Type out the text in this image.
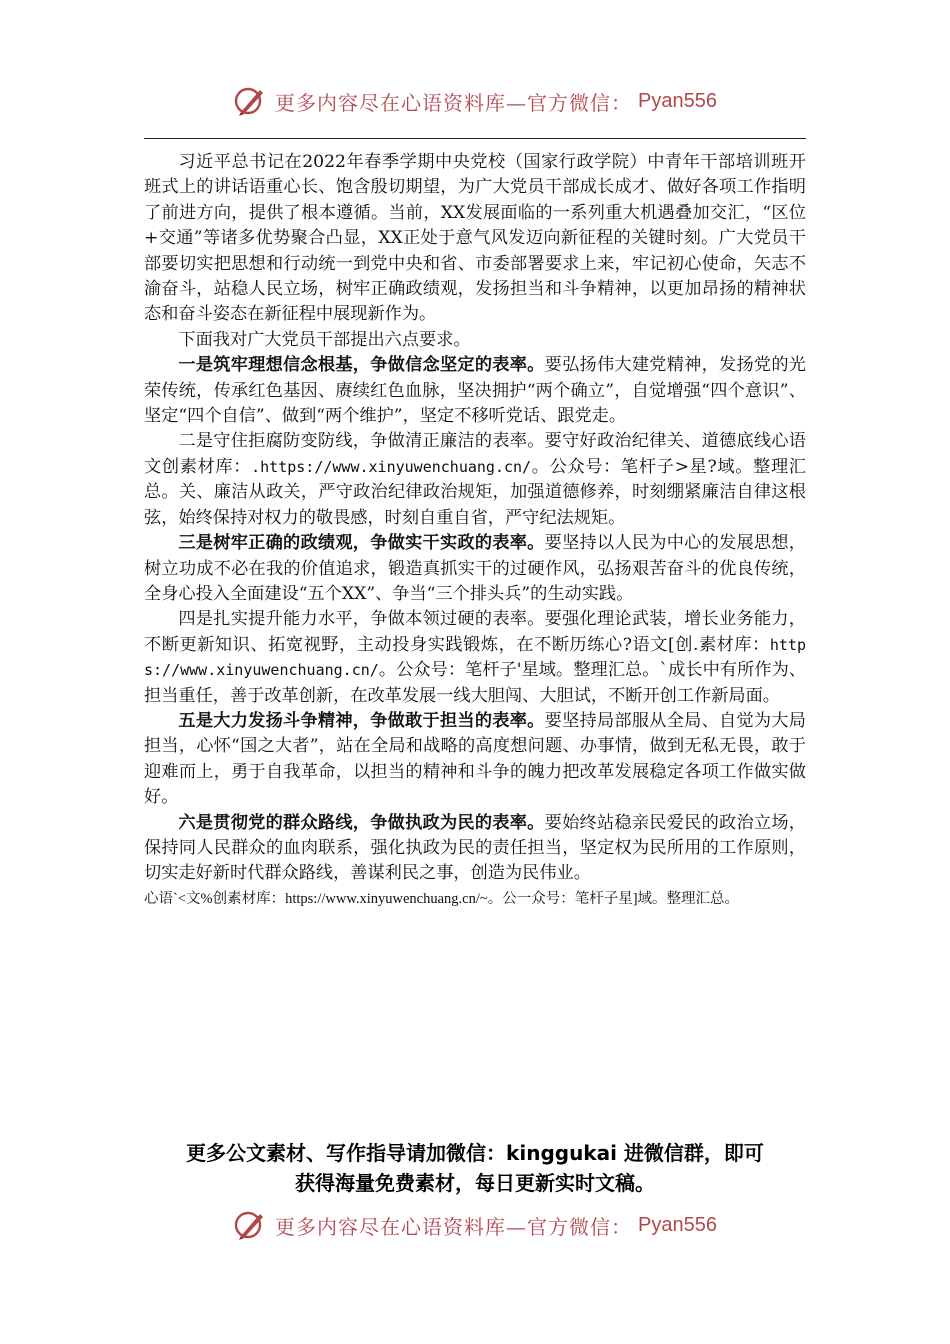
更多内容尽在心语资料库—官方微信： Pyan556

习近平总书记在2022年春季学期中央党校（国家行政学院）中青年干部培训班开班式上的讲话语重心长、饱含殷切期望，为广大党员干部成长成才、做好各项工作指明了前进方向，提供了根本遵循。当前，XX发展面临的一系列重大机遇叠加交汇，“区位+交通”等诸多优势聚合凸显，XX正处于意气风发迈向新征程的关键时刻。广大党员干部要切实把思想和行动统一到党中央和省、市委部署要求上来，牢记初心使命，矢志不渝奋斗，站稳人民立场，树牢正确政绩观，发扬担当和斗争精神，以更加昂扬的精神状态和奋斗姿态在新征程中展现新作为。

下面我对广大党员干部提出六点要求。

一是筑牢理想信念根基，争做信念坚定的表率。要弘扬伟大建党精神，发扬党的光荣传统，传承红色基因、赓续红色血脉，坚决拥护“两个确立”，自觉增强“四个意识”、坚定“四个自信”、做到“两个维护”，坚定不移听党话、跟党走。

二是守住拒腐防变防线，争做清正廉洁的表率。要守好政治纪律关、道德底线心语文创素材库：.https://www.xinyuwenchuang.cn/。公众号：笔杆子>星?域。整理汇总。关、廉洁从政关，严守政治纪律政治规矩，加强道德修养，时刻绷紧廉洁自律这根弦，始终保持对权力的敬畏感，时刻自重自省，严守纪法规矩。

三是树牢正确的政绩观，争做实干实政的表率。要坚持以人民为中心的发展思想，树立功成不必在我的价值追求，锻造真抓实干的过硬作风，弘扬艰苦奋斗的优良传统，全身心投入全面建设“五个XX”、争当“三个排头兵”的生动实践。

四是扎实提升能力水平，争做本领过硬的表率。要强化理论武装，增长业务能力，不断更新知识、拓宽视野，主动投身实践锻炼，在不断历练心?语文[创.素材库：https://www.xinyuwenchuang.cn/。公众号：笔杆子'星域。整理汇总。`成长中有所作为、担当重任，善于改革创新，在改革发展一线大胆闯、大胆试，不断开创工作新局面。

五是大力发扬斗争精神，争做敢于担当的表率。要坚持局部服从全局、自觉为大局担当，心怀“国之大者”，站在全局和战略的高度想问题、办事情，做到无私无畏，敢于迎难而上，勇于自我革命，以担当的精神和斗争的魄力把改革发展稳定各项工作做实做好。

六是贯彻党的群众路线，争做执政为民的表率。要始终站稳亲民爱民的政治立场，保持同人民群众的血肉联系，强化执政为民的责任担当，坚定权为民所用的工作原则，切实走好新时代群众路线，善谋利民之事，创造为民伟业。

心语`<文%创素材库：https://www.xinyuwenchuang.cn/~。公一众号：笔杆子星]域。整理汇总。

更多公文素材、写作指导请加微信：kinggukai 进微信群，即可
获得海量免费素材，每日更新实时文稿。
更多内容尽在心语资料库—官方微信： Pyan556
